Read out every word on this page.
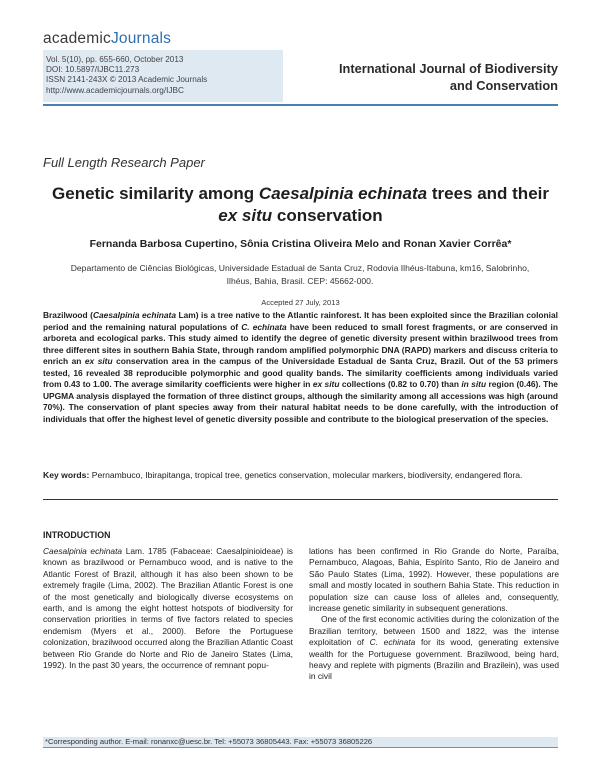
academicJournals
Vol. 5(10), pp. 655-660, October 2013
DOI: 10.5897/IJBC11.273
ISSN 2141-243X © 2013 Academic Journals
http://www.academicjournals.org/IJBC
International Journal of Biodiversity
and Conservation
Full Length Research Paper
Genetic similarity among Caesalpinia echinata trees and their ex situ conservation
Fernanda Barbosa Cupertino, Sônia Cristina Oliveira Melo and Ronan Xavier Corrêa*
Departamento de Ciências Biológicas, Universidade Estadual de Santa Cruz, Rodovia Ilhéus-Itabuna, km16, Salobrinho, Ilhéus, Bahia, Brasil. CEP: 45662-000.
Accepted 27 July, 2013
Brazilwood (Caesalpinia echinata Lam) is a tree native to the Atlantic rainforest. It has been exploited since the Brazilian colonial period and the remaining natural populations of C. echinata have been reduced to small forest fragments, or are conserved in arboreta and ecological parks. This study aimed to identify the degree of genetic diversity present within brazilwood trees from three different sites in southern Bahia State, through random amplified polymorphic DNA (RAPD) markers and discuss criteria to enrich an ex situ conservation area in the campus of the Universidade Estadual de Santa Cruz, Brazil. Out of the 53 primers tested, 16 revealed 38 reproducible polymorphic and good quality bands. The similarity coefficients among individuals varied from 0.43 to 1.00. The average similarity coefficients were higher in ex situ collections (0.82 to 0.70) than in situ region (0.46). The UPGMA analysis displayed the formation of three distinct groups, although the similarity among all accessions was high (around 70%). The conservation of plant species away from their natural habitat needs to be done carefully, with the introduction of individuals that offer the highest level of genetic diversity possible and contribute to the biological preservation of the species.
Key words: Pernambuco, Ibirapitanga, tropical tree, genetics conservation, molecular markers, biodiversity, endangered flora.
INTRODUCTION

Caesalpinia echinata Lam. 1785 (Fabaceae: Caesalpinioideae) is known as brazilwood or Pernambuco wood, and is native to the Atlantic Forest of Brazil, although it has also been shown to be extremely fragile (Lima, 2002). The Brazilian Atlantic Forest is one of the most genetically and biologically diverse ecosystems on earth, and is among the eight hottest hotspots of biodiversity for conservation priorities in terms of five factors related to species endemism (Myers et al., 2000). Before the Portuguese colonization, brazilwood occurred along the Brazilian Atlantic Coast between Rio Grande do Norte and Rio de Janeiro States (Lima, 1992). In the past 30 years, the occurrence of remnant popu-

lations has been confirmed in Rio Grande do Norte, Paraíba, Pernambuco, Alagoas, Bahia, Espírito Santo, Rio de Janeiro and São Paulo States (Lima, 1992). However, these populations are small and mostly located in southern Bahia State. This reduction in population size can cause loss of alleles and, consequently, increase genetic similarity in subsequent generations.

One of the first economic activities during the colonization of the Brazilian territory, between 1500 and 1822, was the intense exploitation of C. echinata for its wood, generating extensive wealth for the Portuguese government. Brazilwood, being hard, heavy and replete with pigments (Brazilin and Brazilein), was used in civil

*Corresponding author. E-mail: ronanxc@uesc.br. Tel: +55073 36805443. Fax: +55073 36805226
